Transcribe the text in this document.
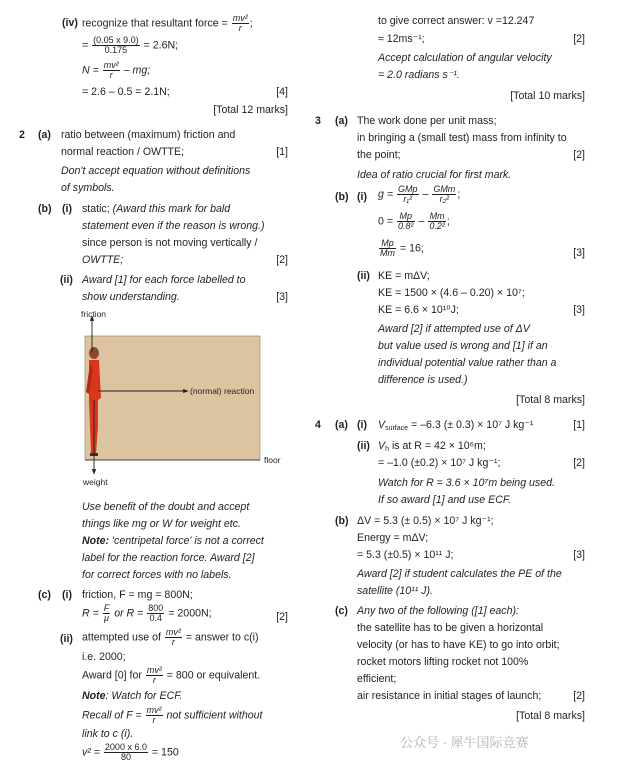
(iv) recognize that resultant force = $\frac{\text{mv²}}{r}$ ;
= $\frac{(0.05 x 9.0)}{0.175} = 2.6N$;
$N = \frac{\text{mv²}}{r}$ – mg;
= 2.6 – 0.5 = 2.1N;	[4]
[Total 12 marks]
2 (a) ratio between (maximum) friction and
normal reaction / OWTTE;	[1]
Don't accept equation without definitions
of symbols.
(b) (i) static; (Award this mark for bald
statement even if the reason is wrong.)
since person is not moving vertically /
OWTTE;	[2]
(ii) Award [1] for each force labelled to
show understanding.	[3]
friction
(normal) reaction
weight
floor
Use benefit of the doubt and accept
things like mg or W for weight etc.
Note: 'centripetal force' is not a correct
label for the reaction force. Award [2]
for correct forces with no labels.
(c) (i) friction, F = mg = 800N;
$R = \frac{F}{\mu}$ or $R = \frac{800}{0.4} = 2000N$;	[2]
(ii) attempted use of $\frac{\text{mv²}}{r}$ = answer to c(i)
i.e. 2000;
Award [0] for $\frac{\text{mv²}}{r} = 800$ or equivalent.
Note: Watch for ECF.
Recall of $F = \frac{\text{mv²}}{r}$ not sufficient without
link to c (i).
$v^2 = \frac{2000 x 6.0}{80} = 150$
to give correct answer: v =12.247
≈ 12ms⁻¹;	[2]
Accept calculation of angular velocity
= 2.0 radians s⁻¹.
[Total 10 marks]
3 (a) The work done per unit mass;
in bringing a (small test) mass from infinity to
the point;	[2]
Idea of ratio crucial for first mark.
(b) (i) $g = \frac{\text{GMp}}{\text{r₁²}} - \frac{\text{GMm}}{\text{r₂²}}$ ;
$0 = \frac{Mp}{\text{0.8²}} - \frac{Mm}{\text{0.2²}}$ ;
$\frac{Mp}{Mm} = 16$;	[3]
(ii) KE = mΔV;
KE = 1500 × (4.6 – 0.20) × 10⁷;
KE = 6.6 × 10¹⁰J;	[3]
Award [2] if attempted use of ΔV
but value used is wrong and [1] if an
individual potential value rather than a
difference is used.)
[Total 8 marks]
4 (a) (i) $V_{surface} = -6.3$ (± 0.3) × 10⁷ J kg⁻¹	[1]
(ii) $V_h$ is at R = 42 × 10⁶m;
= –1.0 (±0.2) × 10⁷ J kg⁻¹;	[2]
Watch for R = 3.6 × 10⁷m being used.
If so award [1] and use ECF.
(b) ΔV = 5.3 (± 0.5) × 10⁷ J kg⁻¹;
Energy = mΔV;
= 5.3 (±0.5) × 10¹¹ J;	[3]
Award [2] if student calculates the PE of the
satellite (10¹¹ J).
(c) Any two of the following ([1] each):
the satellite has to be given a horizontal
velocity (or has to have KE) to go into orbit;
rocket motors lifting rocket not 100%
efficient;
air resistance in initial stages of launch;	[2]
[Total 8 marks]
公众号 · 犀牛国际竞赛
